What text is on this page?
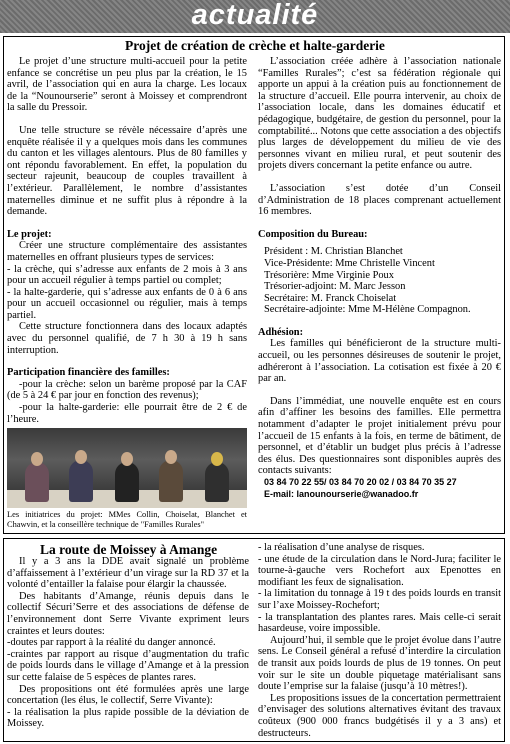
actualité
Projet de création de crèche et halte-garderie

Le projet d’une structure multi-accueil pour la petite enfance se concrétise un peu plus par la création, le 15 avril, de l’association qui en aura la charge. Les locaux de la “Nounourserie” seront à Moissey et comprendront la salle du Pressoir.

Une telle structure se révèle nécessaire d’après une enquête réalisée il y a quelques mois dans les communes du canton et les villages alentours. Plus de 80 familles y ont répondu favorablement. En effet, la population du secteur rajeunit, beaucoup de couples travaillent à l’extérieur. Parallèlement, le nombre d’assistantes maternelles diminue et ne suffit plus à répondre à la demande.

Le projet:

Créer une structure complémentaire des assistantes maternelles en offrant plusieurs types de services:

- la crèche, qui s’adresse aux enfants de 2 mois à 3 ans pour un accueil régulier à temps partiel ou complet;

- la halte-garderie, qui s’adresse aux enfants de 0 à 6 ans pour un accueil occasionnel ou régulier, mais à temps partiel.

Cette structure fonctionnera dans des locaux adaptés avec du personnel qualifié, de 7 h 30 à 19 h sans interruption.

Participation financière des familles:

-pour la crèche: selon un barème proposé par la CAF (de 5 à 24 € par jour en fonction des revenus);

-pour la halte-garderie: elle pourrait être de 2 € de l’heure.

Les initiatrices du projet: MMes Collin, Choiselat, Blanchet et Chawvin, et la conseillère technique de "Familles Rurales"

L’association créée adhère à l’association nationale “Familles Rurales”; c’est sa fédération régionale qui apporte un appui à la création puis au fonctionnement de la structure d’accueil. Elle pourra intervenir, au choix de l’association locale, dans les domaines éducatif et pédagogique, budgétaire, de gestion du personnel, pour la comptabilité... Notons que cette association a des objectifs plus larges de développement du milieu de vie des personnes vivant en milieu rural, et peut soutenir des projets divers concernant la petite enfance ou autre.

L’association s’est dotée d’un Conseil d’Administration de 18 places comprenant actuellement 16 membres.

Composition du Bureau:

Président : M. Christian Blanchet

Vice-Présidente: Mme Christelle Vincent

Trésorière: Mme Virginie Poux

Trésorier-adjoint: M. Marc Jesson

Secrétaire: M. Franck Choiselat

Secrétaire-adjointe: Mme M-Hélène Compagnon.

Adhésion:

Les familles qui bénéficieront de la structure multi-accueil, ou les personnes désireuses de soutenir le projet, adhéreront à l’association. La cotisation est fixée à 20 € par an.

Dans l’immédiat, une nouvelle enquête est en cours afin d’affiner les besoins des familles. Elle permettra notamment d’adapter le projet initialement prévu pour l’accueil de 15 enfants à la fois, en terme de bâtiment, de personnel, et d’établir un budget plus précis à l’adresse des élus. Des questionnaires sont disponibles auprès des contacts suivants:

03 84 70 22 55/ 03 84 70 20 02 / 03 84 70 35 27

E-mail: lanounourserie@wanadoo.fr

La route de Moissey à Amange

Il y a 3 ans la DDE avait signalé un problème d’affaissement à l’extérieur d’un virage sur la RD 37 et la volonté d’entailler la falaise pour élargir la chaussée.

Des habitants d’Amange, réunis depuis dans le collectif Sécuri’Serre et des associations de défense de l’environnement dont Serre Vivante expriment leurs craintes et leurs doutes:

-doutes par rapport à la réalité du danger annoncé.

-craintes par rapport au risque d’augmentation du trafic de poids lourds dans le village d’Amange et à la pression sur cette falaise de 5 espèces de plantes rares.

Des propositions ont été formulées après une large concertation (les élus, le collectif, Serre Vivante):

- la réalisation la plus rapide possible de la déviation de Moissey.

- la réalisation d’une analyse de risques.

- une étude de la circulation dans le Nord-Jura; faciliter le tourne-à-gauche vers Rochefort aux Epenottes en modifiant les feux de signalisation.

- la limitation du tonnage à 19 t des poids lourds en transit sur l’axe Moissey-Rochefort;

- la transplantation des plantes rares. Mais celle-ci serait hasardeuse, voire impossible.

Aujourd’hui, il semble que le projet évolue dans l’autre sens. Le Conseil général a refusé d’interdire la circulation de transit aux poids lourds de plus de 19 tonnes. On peut voir sur le site un double piquetage matérialisant sans doute l’emprise sur la falaise (jusqu’à 10 mètres!).

Les propositions issues de la concertation permettraient d’envisager des solutions alternatives évitant des travaux coûteux (900 000 francs budgétisés il y a 3 ans) et destructeurs.
